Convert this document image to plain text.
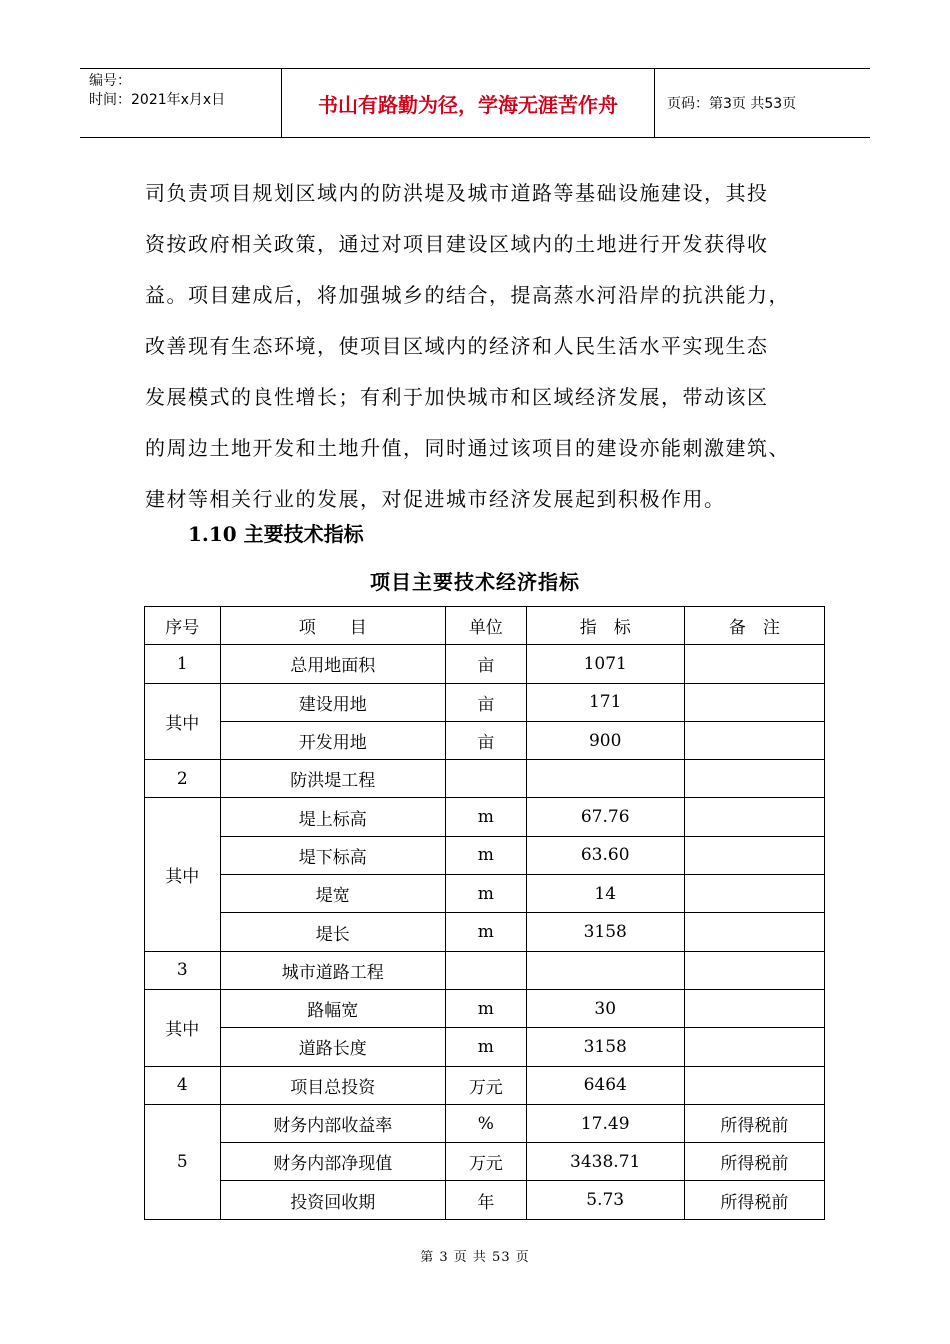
编号：
时间：2021年x月x日	书山有路勤为径，学海无涯苦作舟	页码：第3页 共53页

司负责项目规划区域内的防洪堤及城市道路等基础设施建设，其投

资按政府相关政策，通过对项目建设区域内的土地进行开发获得收

益。项目建成后，将加强城乡的结合，提高蒸水河沿岸的抗洪能力，

改善现有生态环境，使项目区域内的经济和人民生活水平实现生态

发展模式的良性增长；有利于加快城市和区域经济发展，带动该区

的周边土地开发和土地升值，同时通过该项目的建设亦能刺激建筑、

建材等相关行业的发展，对促进城市经济发展起到积极作用。

1.10 主要技术指标
项目主要技术经济指标
序号	项　　目	单位	指　标	备　注
1	总用地面积	亩	1071	
其中	建设用地	亩	171	
	开发用地	亩	900	
2	防洪堤工程			
其中	堤上标高	m	67.76	
	堤下标高	m	63.60	
	堤宽	m	14	
	堤长	m	3158	
3	城市道路工程			
其中	路幅宽	m	30	
	道路长度	m	3158	
4	项目总投资	万元	6464	
5	财务内部收益率	%	17.49	所得税前
	财务内部净现值	万元	3438.71	所得税前
	投资回收期	年	5.73	所得税前
第 3 页 共 53 页
